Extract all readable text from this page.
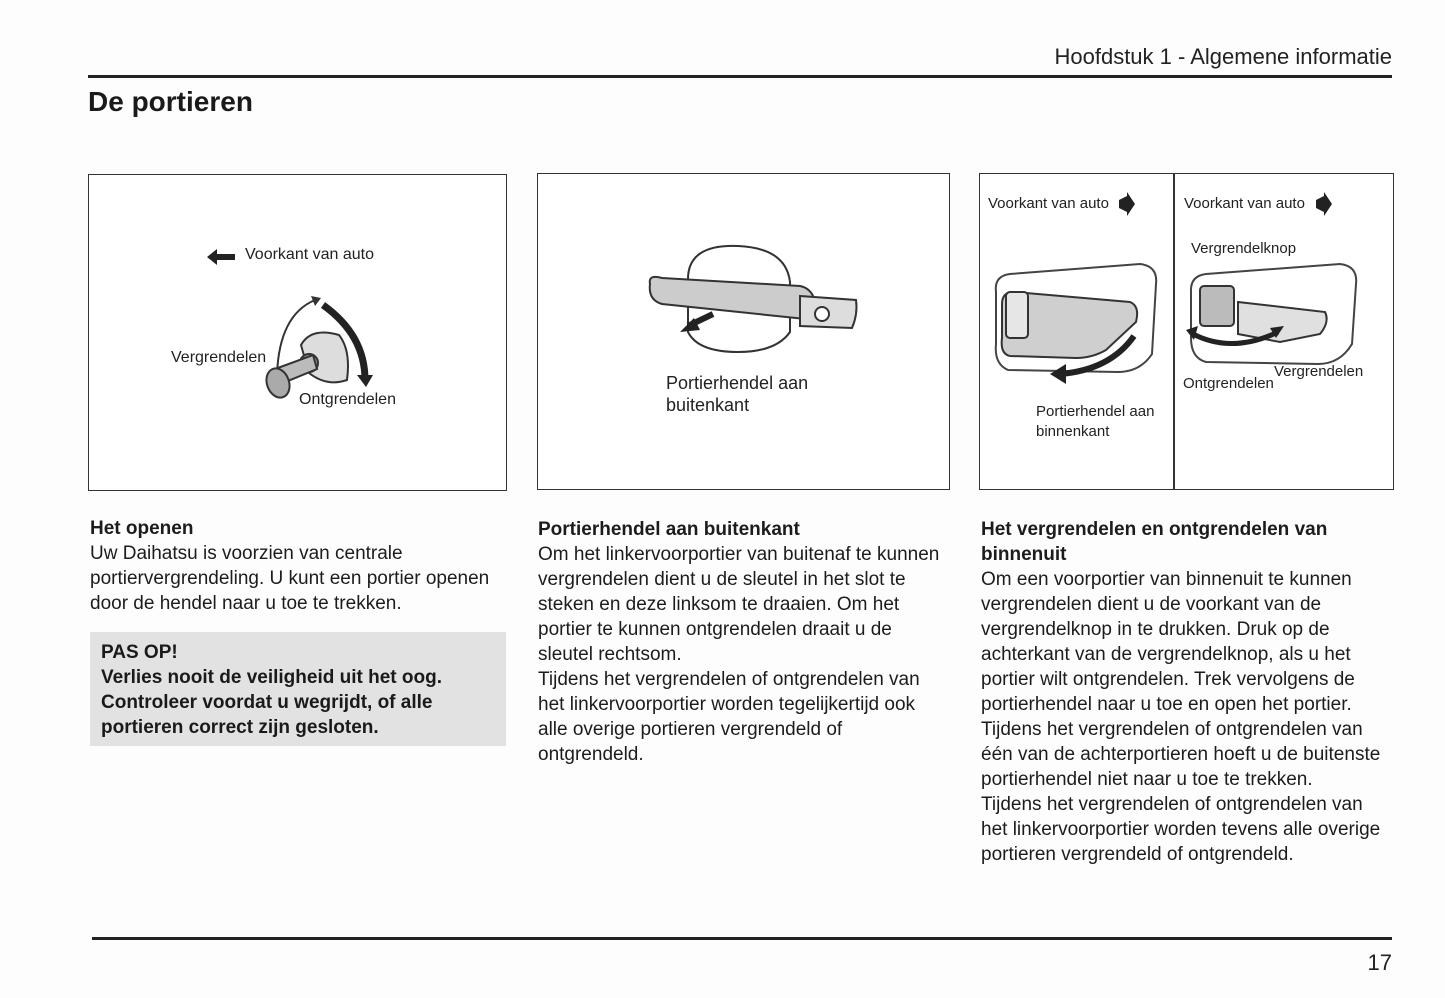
Hoofdstuk 1 - Algemene informatie
De portieren
Voorkant van auto
Vergrendelen
Ontgrendelen
Portierhendel aan buitenkant
Voorkant van auto	Voorkant van auto
Vergrendelknop
Portierhendel aan binnenkant
Ontgrendelen
Vergrendelen
Het openen

Uw Daihatsu is voorzien van centrale portiervergrendeling. U kunt een portier openen door de hendel naar u toe te trekken.

PAS OP!
Verlies nooit de veiligheid uit het oog. Controleer voordat u wegrijdt, of alle portieren correct zijn gesloten.
Portierhendel aan buitenkant

Om het linkervoorportier van buitenaf te kunnen vergrendelen dient u de sleutel in het slot te steken en deze linksom te draaien. Om het portier te kunnen ontgrendelen draait u de sleutel rechtsom.

Tijdens het vergrendelen of ontgrendelen van het linkervoorportier worden tegelijkertijd ook alle overige portieren vergrendeld of ontgrendeld.

Het vergrendelen en ontgrendelen van binnenuit

Om een voorportier van binnenuit te kunnen vergrendelen dient u de voorkant van de vergrendelknop in te drukken. Druk op de achterkant van de vergrendelknop, als u het portier wilt ontgrendelen. Trek vervolgens de portierhendel naar u toe en open het portier.

Tijdens het vergrendelen of ontgrendelen van één van de achterportieren hoeft u de buitenste portierhendel niet naar u toe te trekken.

Tijdens het vergrendelen of ontgrendelen van het linkervoorportier worden tevens alle overige portieren vergrendeld of ontgrendeld.

17
